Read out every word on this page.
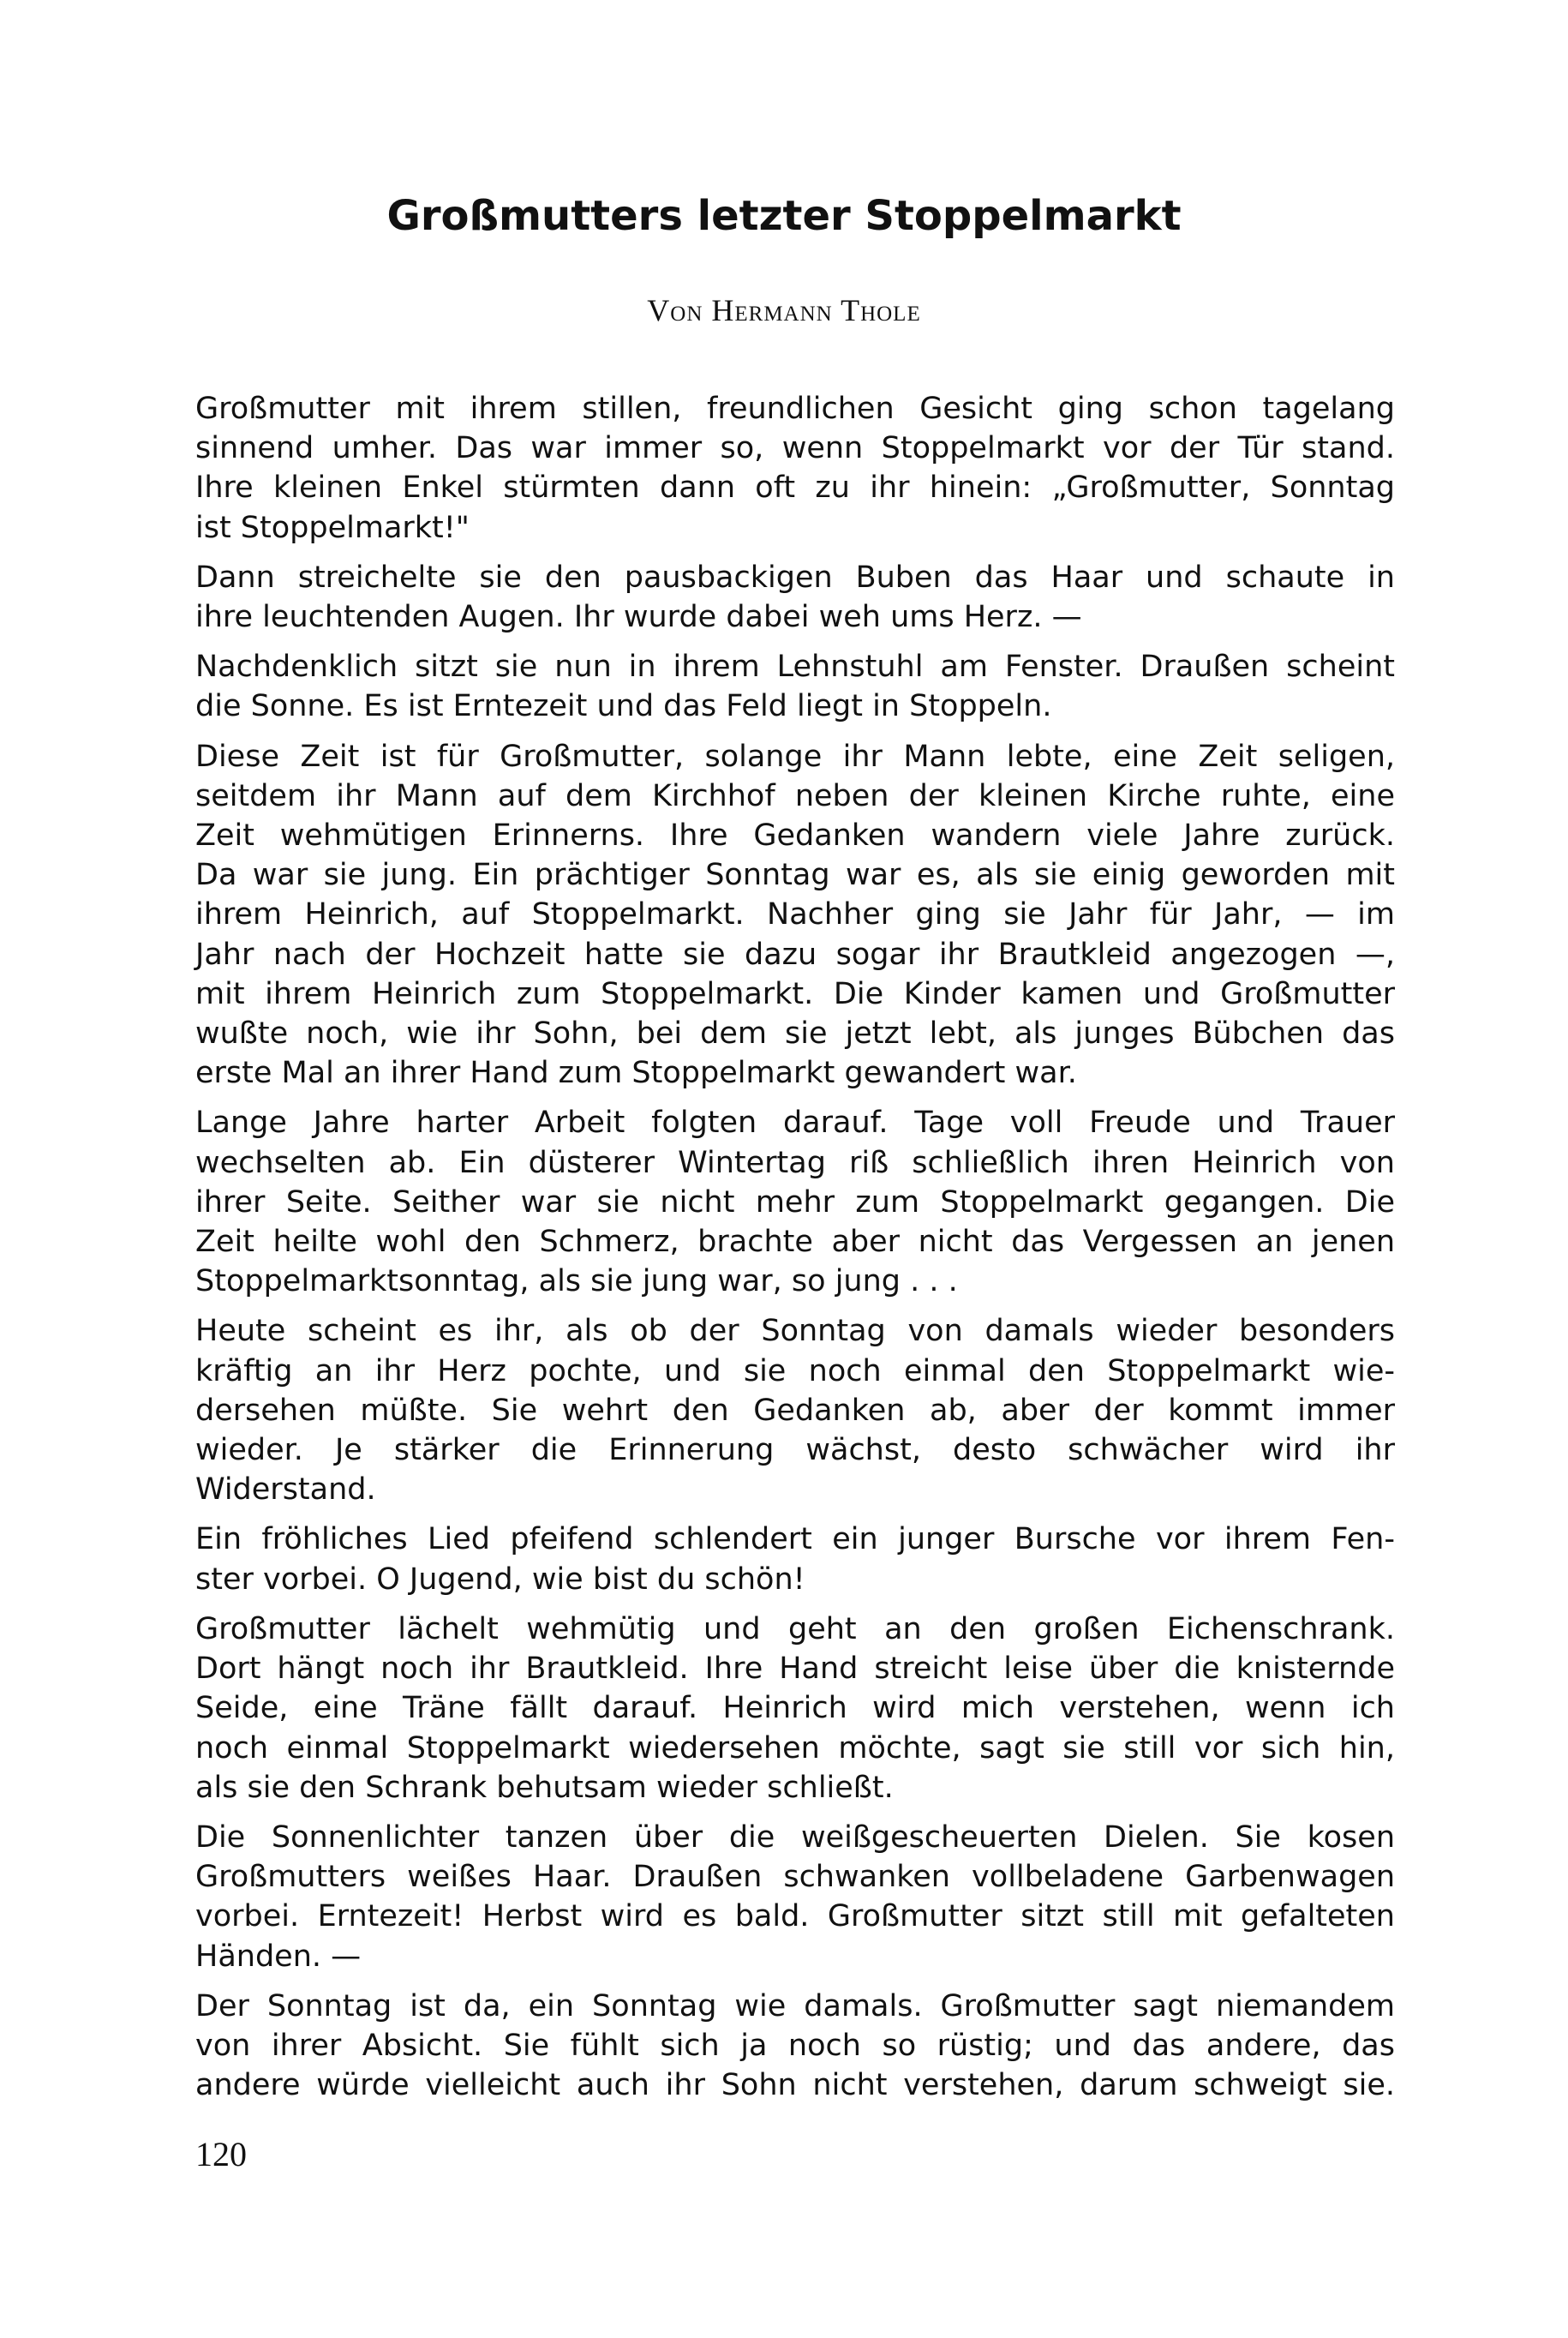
Großmutters letzter Stoppelmarkt

Von Hermann Thole

Großmutter mit ihrem stillen, freundlichen Gesicht ging schon tagelang
sinnend umher. Das war immer so, wenn Stoppelmarkt vor der Tür stand.
Ihre kleinen Enkel stürmten dann oft zu ihr hinein: „Großmutter, Sonntag
ist Stoppelmarkt!"

Dann streichelte sie den pausbackigen Buben das Haar und schaute in
ihre leuchtenden Augen. Ihr wurde dabei weh ums Herz. —

Nachdenklich sitzt sie nun in ihrem Lehnstuhl am Fenster. Draußen scheint
die Sonne. Es ist Erntezeit und das Feld liegt in Stoppeln.

Diese Zeit ist für Großmutter, solange ihr Mann lebte, eine Zeit seligen,
seitdem ihr Mann auf dem Kirchhof neben der kleinen Kirche ruhte, eine
Zeit wehmütigen Erinnerns. Ihre Gedanken wandern viele Jahre zurück.
Da war sie jung. Ein prächtiger Sonntag war es, als sie einig geworden mit
ihrem Heinrich, auf Stoppelmarkt. Nachher ging sie Jahr für Jahr, — im
Jahr nach der Hochzeit hatte sie dazu sogar ihr Brautkleid angezogen —,
mit ihrem Heinrich zum Stoppelmarkt. Die Kinder kamen und Großmutter
wußte noch, wie ihr Sohn, bei dem sie jetzt lebt, als junges Bübchen das
erste Mal an ihrer Hand zum Stoppelmarkt gewandert war.

Lange Jahre harter Arbeit folgten darauf. Tage voll Freude und Trauer
wechselten ab. Ein düsterer Wintertag riß schließlich ihren Heinrich von
ihrer Seite. Seither war sie nicht mehr zum Stoppelmarkt gegangen. Die
Zeit heilte wohl den Schmerz, brachte aber nicht das Vergessen an jenen
Stoppelmarktsonntag, als sie jung war, so jung . . .

Heute scheint es ihr, als ob der Sonntag von damals wieder besonders
kräftig an ihr Herz pochte, und sie noch einmal den Stoppelmarkt wie-
dersehen müßte. Sie wehrt den Gedanken ab, aber der kommt immer
wieder. Je stärker die Erinnerung wächst, desto schwächer wird ihr
Widerstand.

Ein fröhliches Lied pfeifend schlendert ein junger Bursche vor ihrem Fen-
ster vorbei. O Jugend, wie bist du schön!

Großmutter lächelt wehmütig und geht an den großen Eichenschrank.
Dort hängt noch ihr Brautkleid. Ihre Hand streicht leise über die knisternde
Seide, eine Träne fällt darauf. Heinrich wird mich verstehen, wenn ich
noch einmal Stoppelmarkt wiedersehen möchte, sagt sie still vor sich hin,
als sie den Schrank behutsam wieder schließt.

Die Sonnenlichter tanzen über die weißgescheuerten Dielen. Sie kosen
Großmutters weißes Haar. Draußen schwanken vollbeladene Garbenwagen
vorbei. Erntezeit! Herbst wird es bald. Großmutter sitzt still mit gefalteten
Händen. —

Der Sonntag ist da, ein Sonntag wie damals. Großmutter sagt niemandem
von ihrer Absicht. Sie fühlt sich ja noch so rüstig; und das andere, das
andere würde vielleicht auch ihr Sohn nicht verstehen, darum schweigt sie.

120
